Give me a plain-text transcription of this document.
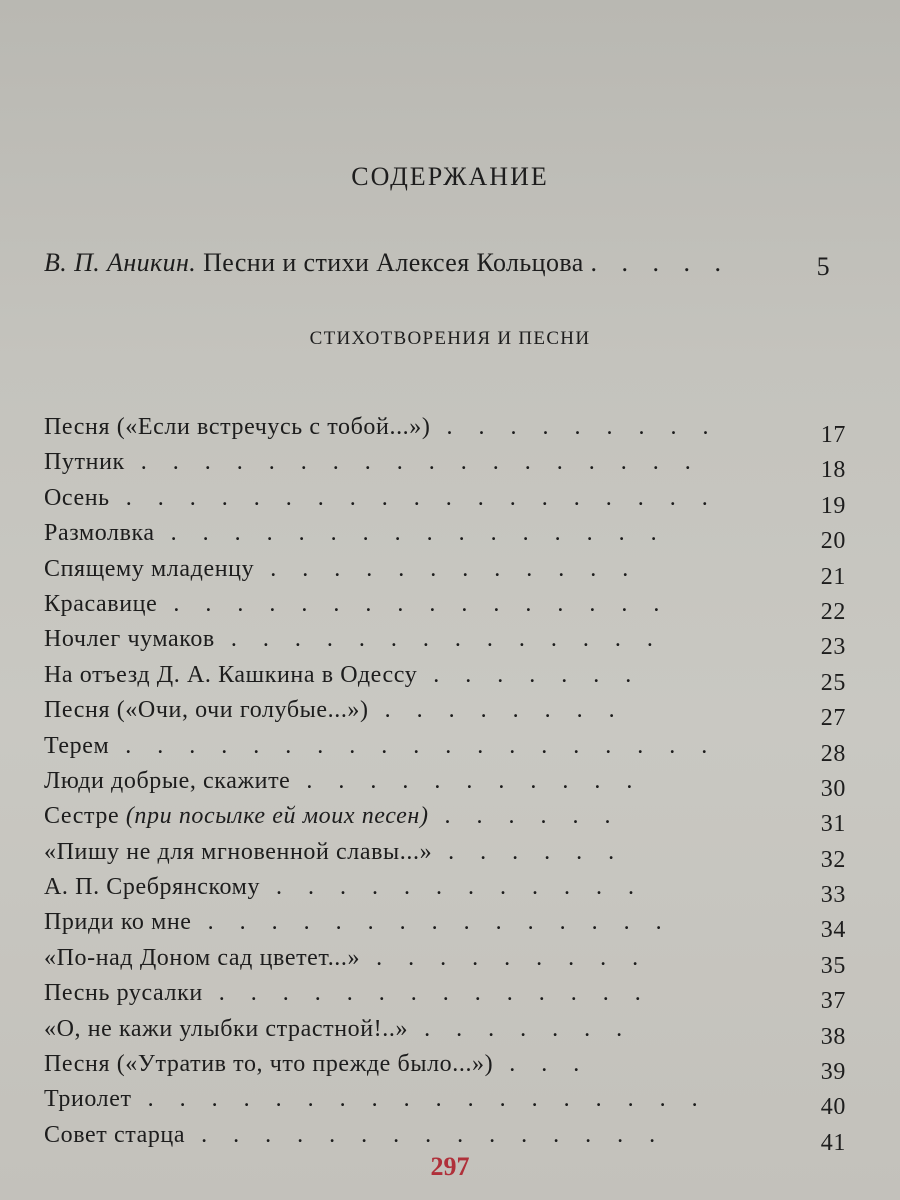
СОДЕРЖАНИЕ
В. П. Аникин. Песни и стихи Алексея Кольцова . . . . .	5
СТИХОТВОРЕНИЯ И ПЕСНИ
Песня («Если встречусь с тобой...») . . . . . . . . .	17
Путник . . . . . . . . . . . . . . . . . .	18
Осень . . . . . . . . . . . . . . . . . . .	19
Размолвка . . . . . . . . . . . . . . . .	20
Спящему младенцу . . . . . . . . . . . .	21
Красавице . . . . . . . . . . . . . . . .	22
Ночлег чумаков . . . . . . . . . . . . . .	23
На отъезд Д. А. Кашкина в Одессу . . . . . . .	25
Песня («Очи, очи голубые...») . . . . . . . .	27
Терем . . . . . . . . . . . . . . . . . . .	28
Люди добрые, скажите . . . . . . . . . . .	30
Сестре (при посылке ей моих песен) . . . . . .	31
«Пишу не для мгновенной славы...» . . . . . .	32
А. П. Сребрянскому . . . . . . . . . . . .	33
Приди ко мне . . . . . . . . . . . . . . .	34
«По-над Доном сад цветет...» . . . . . . . . .	35
Песнь русалки . . . . . . . . . . . . . .	37
«О, не кажи улыбки страстной!..» . . . . . . .	38
Песня («Утратив то, что прежде было...») . . .	39
Триолет . . . . . . . . . . . . . . . . . .	40
Совет старца . . . . . . . . . . . . . . .	41
297
